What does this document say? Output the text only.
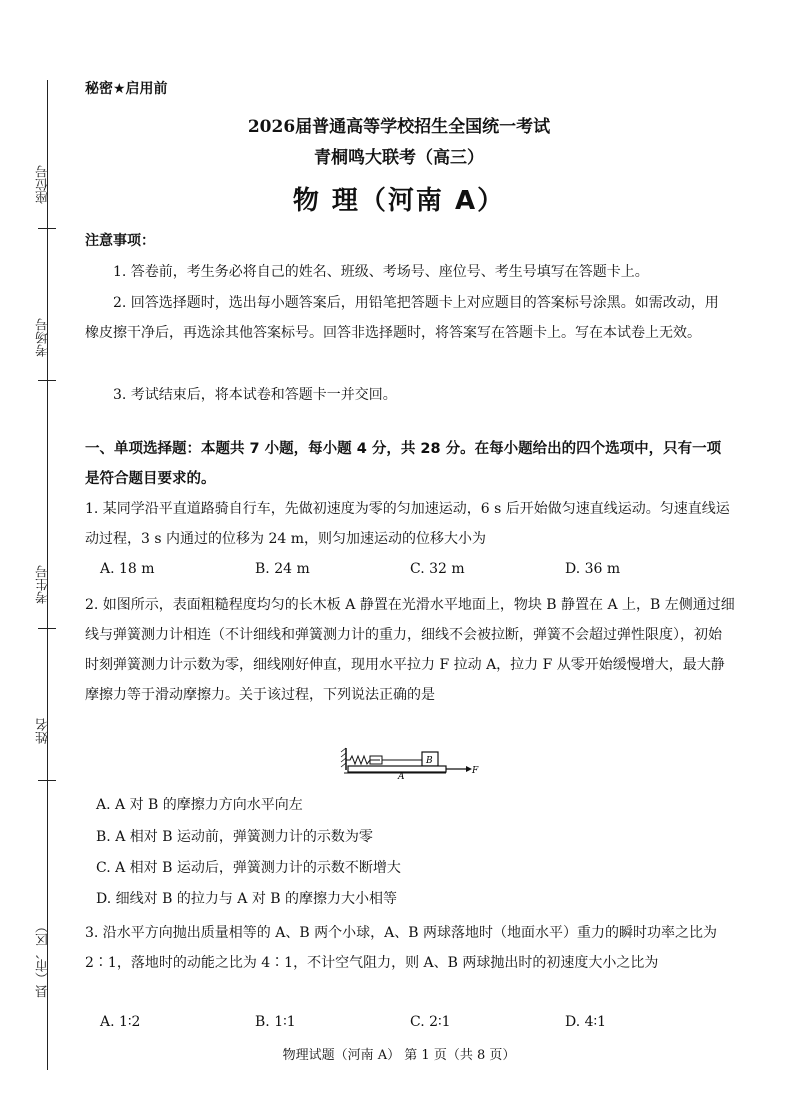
座位号
考场号
考生号
姓名
县（市、区）
秘密★启用前
2026届普通高等学校招生全国统一考试
青桐鸣大联考（高三）
物 理（河南 A）
注意事项：
1. 答卷前，考生务必将自己的姓名、班级、考场号、座位号、考生号填写在答题卡上。
2. 回答选择题时，选出每小题答案后，用铅笔把答题卡上对应题目的答案标号涂黑。如需改动，用橡皮擦干净后，再选涂其他答案标号。回答非选择题时，将答案写在答题卡上。写在本试卷上无效。
3. 考试结束后，将本试卷和答题卡一并交回。
一、单项选择题：本题共 7 小题，每小题 4 分，共 28 分。在每小题给出的四个选项中，只有一项是符合题目要求的。
1. 某同学沿平直道路骑自行车，先做初速度为零的匀加速运动，6 s 后开始做匀速直线运动。匀速直线运动过程，3 s 内通过的位移为 24 m，则匀加速运动的位移大小为
A. 18 m	B. 24 m	C. 32 m	D. 36 m
2. 如图所示，表面粗糙程度均匀的长木板 A 静置在光滑水平地面上，物块 B 静置在 A 上，B 左侧通过细线与弹簧测力计相连（不计细线和弹簧测力计的重力，细线不会被拉断，弹簧不会超过弹性限度），初始时刻弹簧测力计示数为零，细线刚好伸直，现用水平拉力 F 拉动 A，拉力 F 从零开始缓慢增大，最大静摩擦力等于滑动摩擦力。关于该过程，下列说法正确的是
B
A
F
A. A 对 B 的摩擦力方向水平向左
B. A 相对 B 运动前，弹簧测力计的示数为零
C. A 相对 B 运动后，弹簧测力计的示数不断增大
D. 细线对 B 的拉力与 A 对 B 的摩擦力大小相等
3. 沿水平方向抛出质量相等的 A、B 两个小球，A、B 两球落地时（地面水平）重力的瞬时功率之比为 2∶1，落地时的动能之比为 4∶1，不计空气阻力，则 A、B 两球抛出时的初速度大小之比为
A. 1∶2	B. 1∶1	C. 2∶1	D. 4∶1
物理试题（河南 A） 第 1 页（共 8 页）
